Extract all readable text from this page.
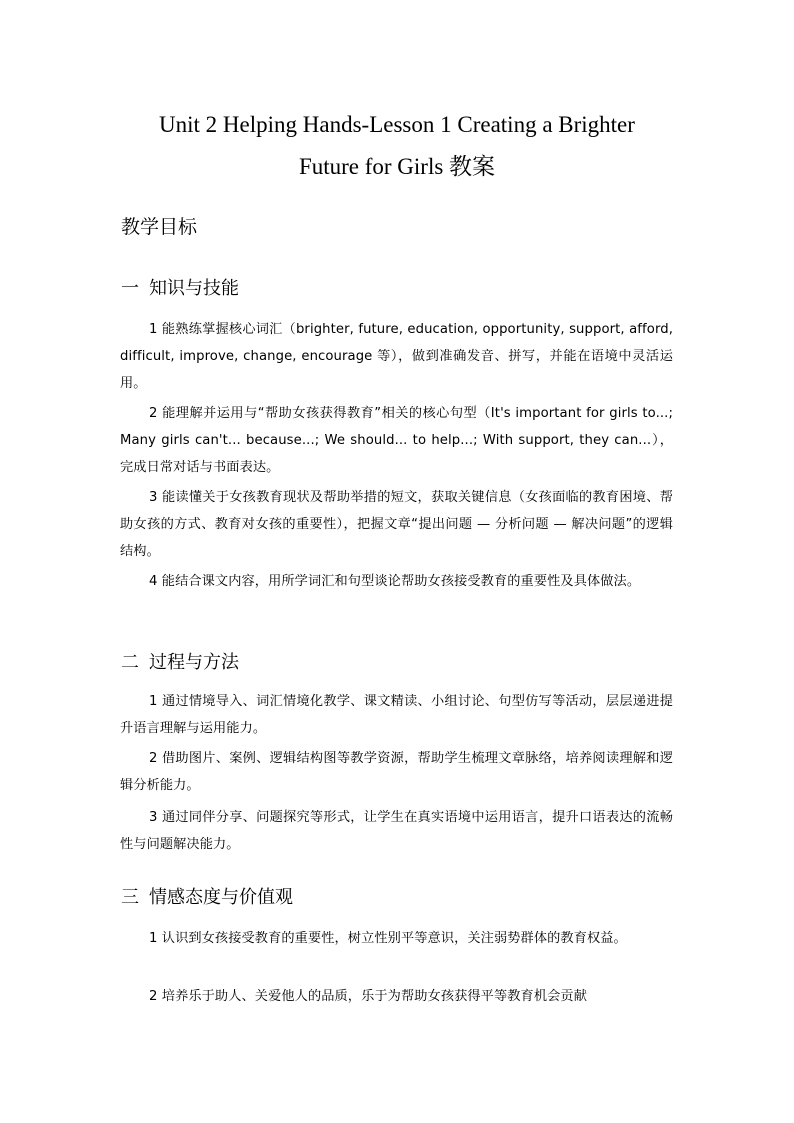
Unit 2 Helping Hands-Lesson 1 Creating a Brighter
Future for Girls 教案
教学目标
一 知识与技能
1 能熟练掌握核心词汇（brighter, future, education, opportunity, support, afford, difficult, improve, change, encourage 等），做到准确发音、拼写，并能在语境中灵活运用。
2 能理解并运用与“帮助女孩获得教育”相关的核心句型（It's important for girls to...; Many girls can't... because...; We should... to help...; With support, they can...），完成日常对话与书面表达。
3 能读懂关于女孩教育现状及帮助举措的短文，获取关键信息（女孩面临的教育困境、帮助女孩的方式、教育对女孩的重要性），把握文章“提出问题 — 分析问题 — 解决问题”的逻辑结构。
4 能结合课文内容，用所学词汇和句型谈论帮助女孩接受教育的重要性及具体做法。
二 过程与方法
1 通过情境导入、词汇情境化教学、课文精读、小组讨论、句型仿写等活动，层层递进提升语言理解与运用能力。
2 借助图片、案例、逻辑结构图等教学资源，帮助学生梳理文章脉络，培养阅读理解和逻辑分析能力。
3 通过同伴分享、问题探究等形式，让学生在真实语境中运用语言，提升口语表达的流畅性与问题解决能力。
三 情感态度与价值观
1 认识到女孩接受教育的重要性，树立性别平等意识，关注弱势群体的教育权益。
2 培养乐于助人、关爱他人的品质，乐于为帮助女孩获得平等教育机会贡献
